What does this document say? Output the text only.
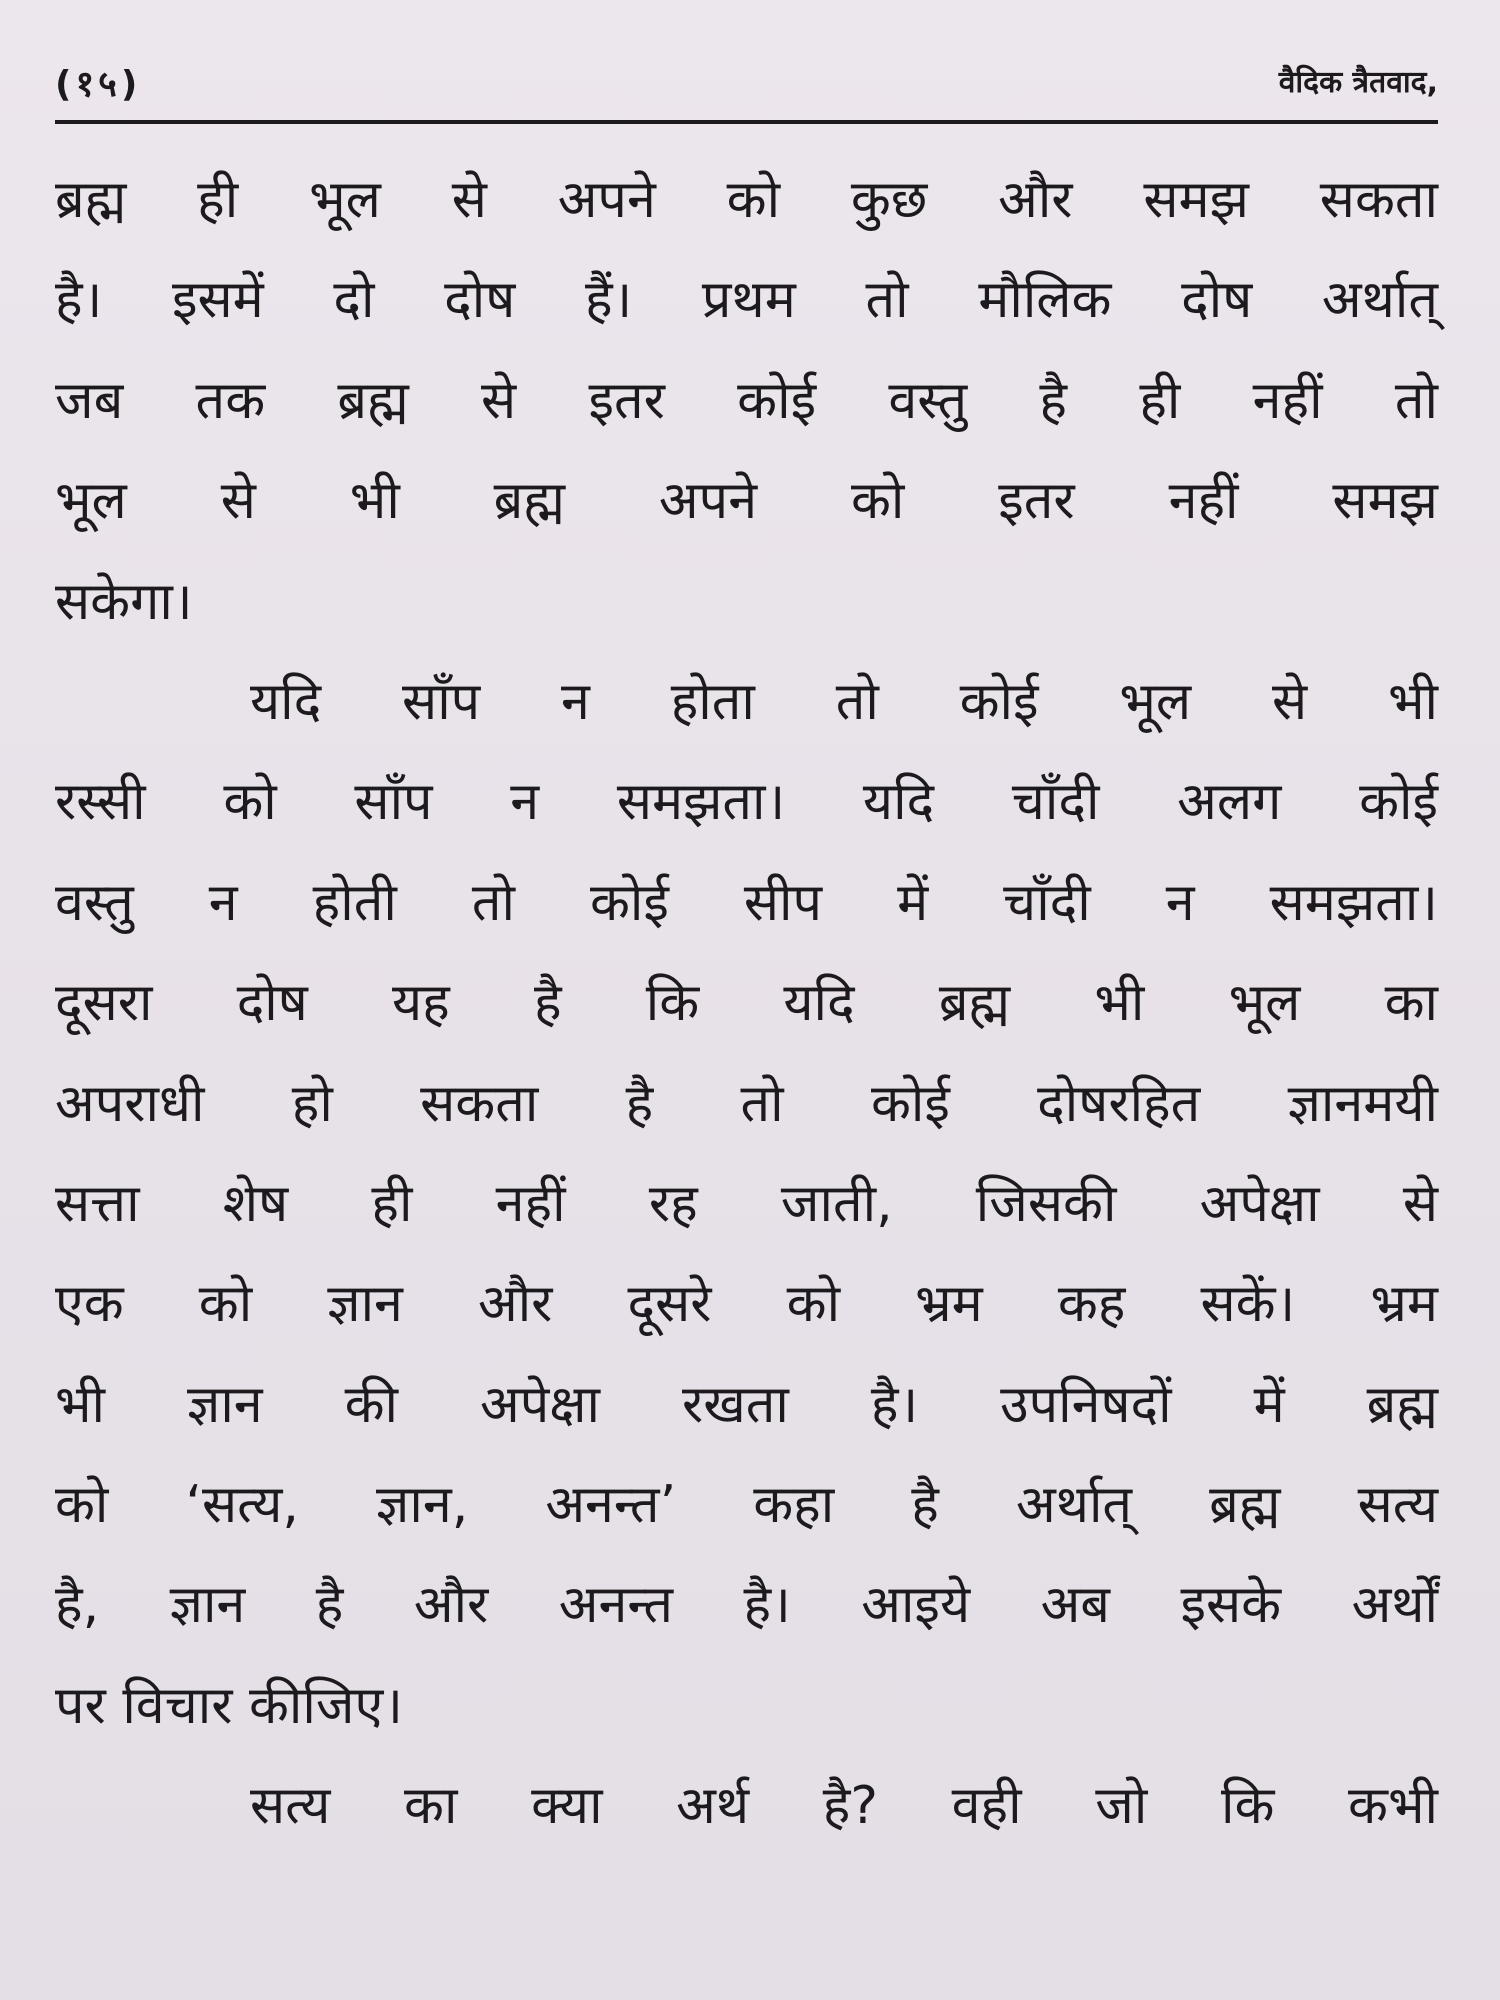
(१५)	वैदिक त्रैतवाद,
ब्रह्म ही भूल से अपने को कुछ और समझ सकता
है। इसमें दो दोष हैं। प्रथम तो मौलिक दोष अर्थात्
जब तक ब्रह्म से इतर कोई वस्तु है ही नहीं तो
भूल से भी ब्रह्म अपने को इतर नहीं समझ
सकेगा।
यदि साँप न होता तो कोई भूल से भी
रस्सी को साँप न समझता। यदि चाँदी अलग कोई
वस्तु न होती तो कोई सीप में चाँदी न समझता।
दूसरा दोष यह है कि यदि ब्रह्म भी भूल का
अपराधी हो सकता है तो कोई दोषरहित ज्ञानमयी
सत्ता शेष ही नहीं रह जाती, जिसकी अपेक्षा से
एक को ज्ञान और दूसरे को भ्रम कह सकें। भ्रम
भी ज्ञान की अपेक्षा रखता है। उपनिषदों में ब्रह्म
को ‘सत्य, ज्ञान, अनन्त’ कहा है अर्थात् ब्रह्म सत्य
है, ज्ञान है और अनन्त है। आइये अब इसके अर्थों
पर विचार कीजिए।
सत्य का क्या अर्थ है? वही जो कि कभी
